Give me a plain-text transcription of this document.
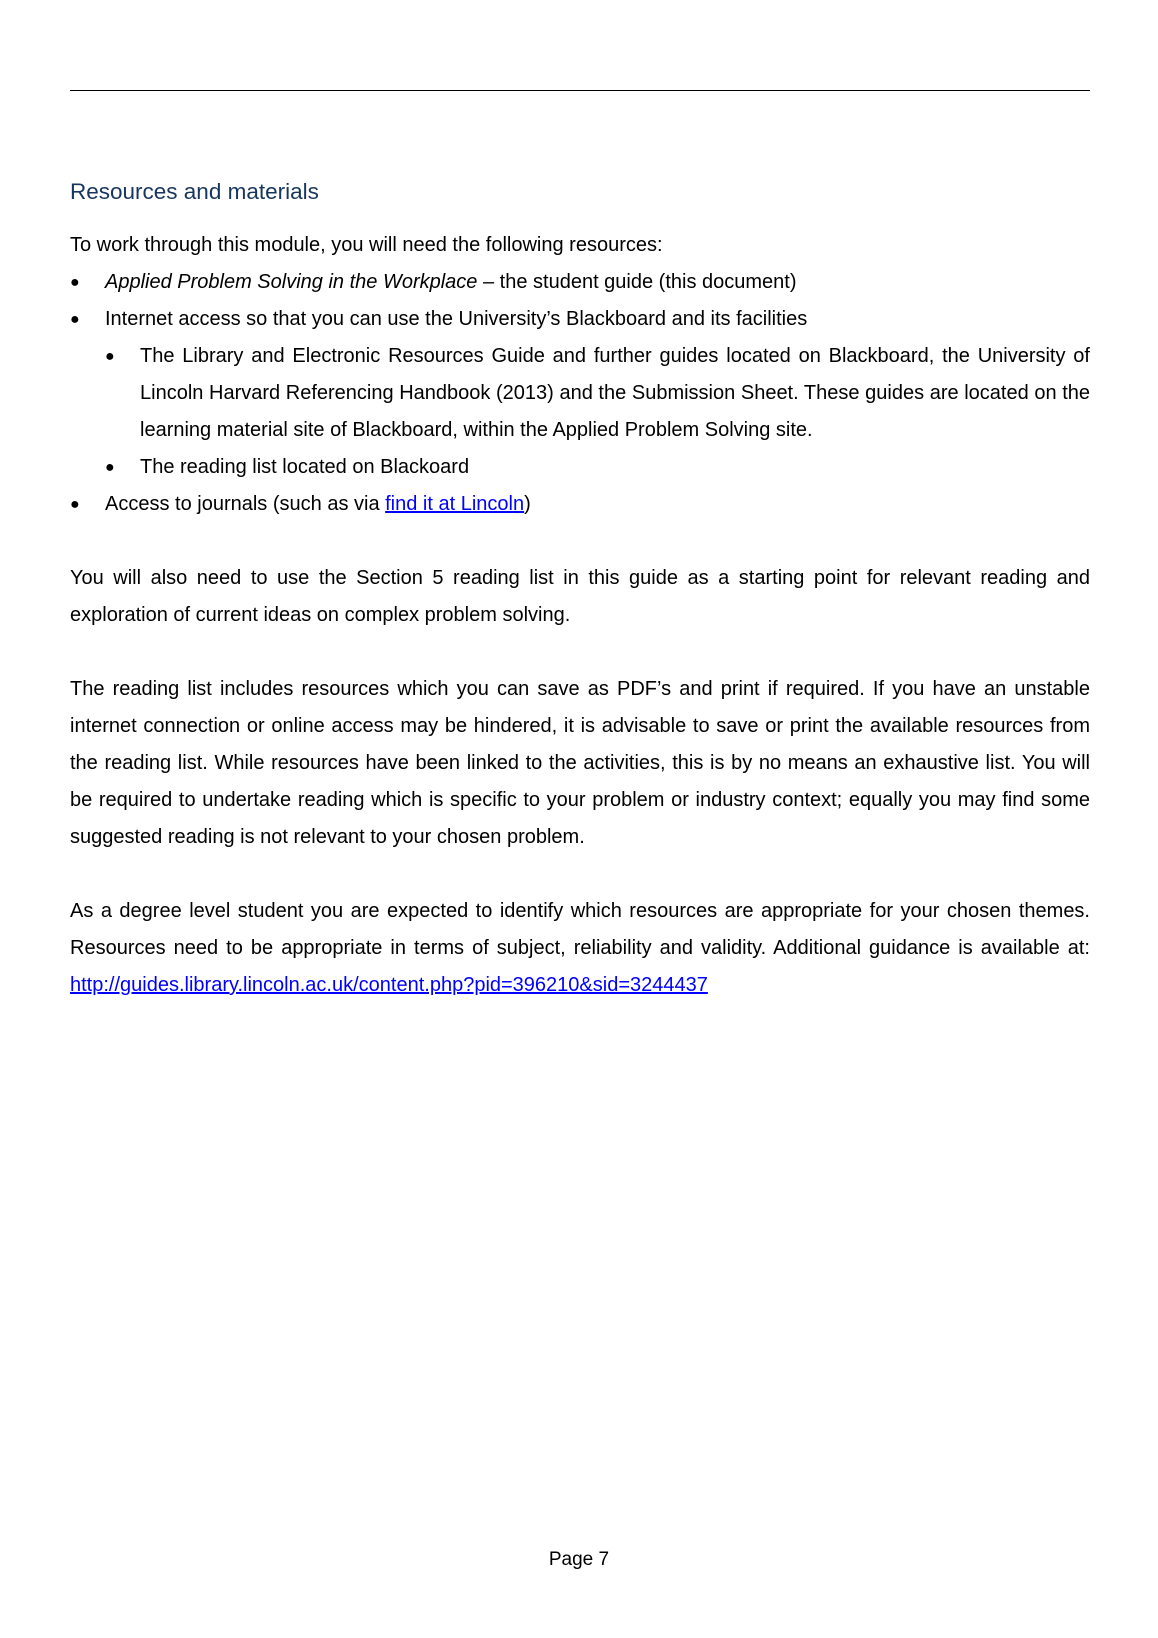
Resources and materials

To work through this module, you will need the following resources:

●	Applied Problem Solving in the Workplace – the student guide (this document)
●	Internet access so that you can use the University’s Blackboard and its facilities
●	The Library and Electronic Resources Guide and further guides located on Blackboard, the University of Lincoln Harvard Referencing Handbook (2013) and the Submission Sheet. These guides are located on the learning material site of Blackboard, within the Applied Problem Solving site.
●	The reading list located on Blackoard
●	Access to journals (such as via find it at Lincoln)

You will also need to use the Section 5 reading list in this guide as a starting point for relevant reading and exploration of current ideas on complex problem solving.

The reading list includes resources which you can save as PDF’s and print if required. If you have an unstable internet connection or online access may be hindered, it is advisable to save or print the available resources from the reading list. While resources have been linked to the activities, this is by no means an exhaustive list. You will be required to undertake reading which is specific to your problem or industry context; equally you may find some suggested reading is not relevant to your chosen problem.

As a degree level student you are expected to identify which resources are appropriate for your chosen themes. Resources need to be appropriate in terms of subject, reliability and validity. Additional guidance is available at: http://guides.library.lincoln.ac.uk/content.php?pid=396210&sid=3244437

Page 7
